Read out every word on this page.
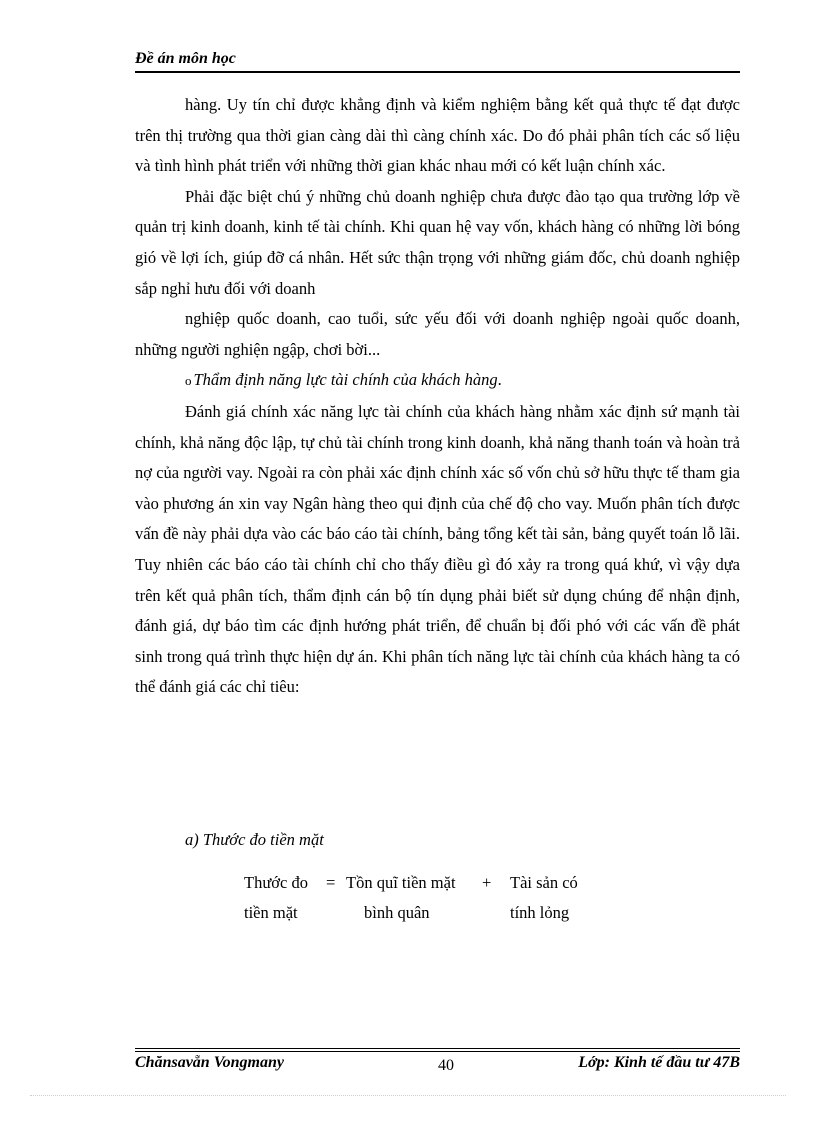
Đề án môn học

hàng. Uy tín chỉ được khẳng định và kiểm nghiệm bằng kết quả thực tế đạt được trên thị trường qua thời gian càng dài thì càng chính xác. Do đó phải phân tích các số liệu và tình hình phát triển với những thời gian khác nhau mới có kết luận chính xác.

Phải đặc biệt chú ý những chủ doanh nghiệp chưa được đào tạo qua trường lớp về quản trị kinh doanh, kinh tế tài chính. Khi quan hệ vay vốn, khách hàng có những lời bóng gió về lợi ích, giúp đỡ cá nhân. Hết sức thận trọng với những giám đốc, chủ doanh nghiệp sắp nghỉ hưu đối với doanh

nghiệp quốc doanh, cao tuổi, sức yếu đối với doanh nghiệp ngoài quốc doanh, những người nghiện ngập, chơi bời...

o Thẩm định năng lực tài chính của khách hàng.

Đánh giá chính xác năng lực tài chính của khách hàng nhằm xác định sứ mạnh tài chính, khả năng độc lập, tự chủ tài chính trong kinh doanh, khả năng thanh toán và hoàn trả nợ của người vay. Ngoài ra còn phải xác định chính xác số vốn chủ sở hữu thực tế tham gia vào phương án xin vay Ngân hàng theo qui định của chế độ cho vay. Muốn phân tích được vấn đề này phải dựa vào các báo cáo tài chính, bảng tổng kết tài sản, bảng quyết toán lỗ lãi. Tuy nhiên các báo cáo tài chính chỉ cho thấy điều gì đó xảy ra trong quá khứ, vì vậy dựa trên kết quả phân tích, thẩm định cán bộ tín dụng phải biết sử dụng chúng để nhận định, đánh giá, dự báo tìm các định hướng phát triển, để chuẩn bị đối phó với các vấn đề phát sinh trong quá trình thực hiện dự án. Khi phân tích năng lực tài chính của khách hàng ta có thể đánh giá các chỉ tiêu:

a) Thước đo tiền mặt
Thước đo = Tồn quĩ tiền mặt + Tài sản có
tiền mặt	bình quân	tính lỏng
Chănsavẵn Vongmany	40	Lớp: Kinh tế đầu tư 47B
